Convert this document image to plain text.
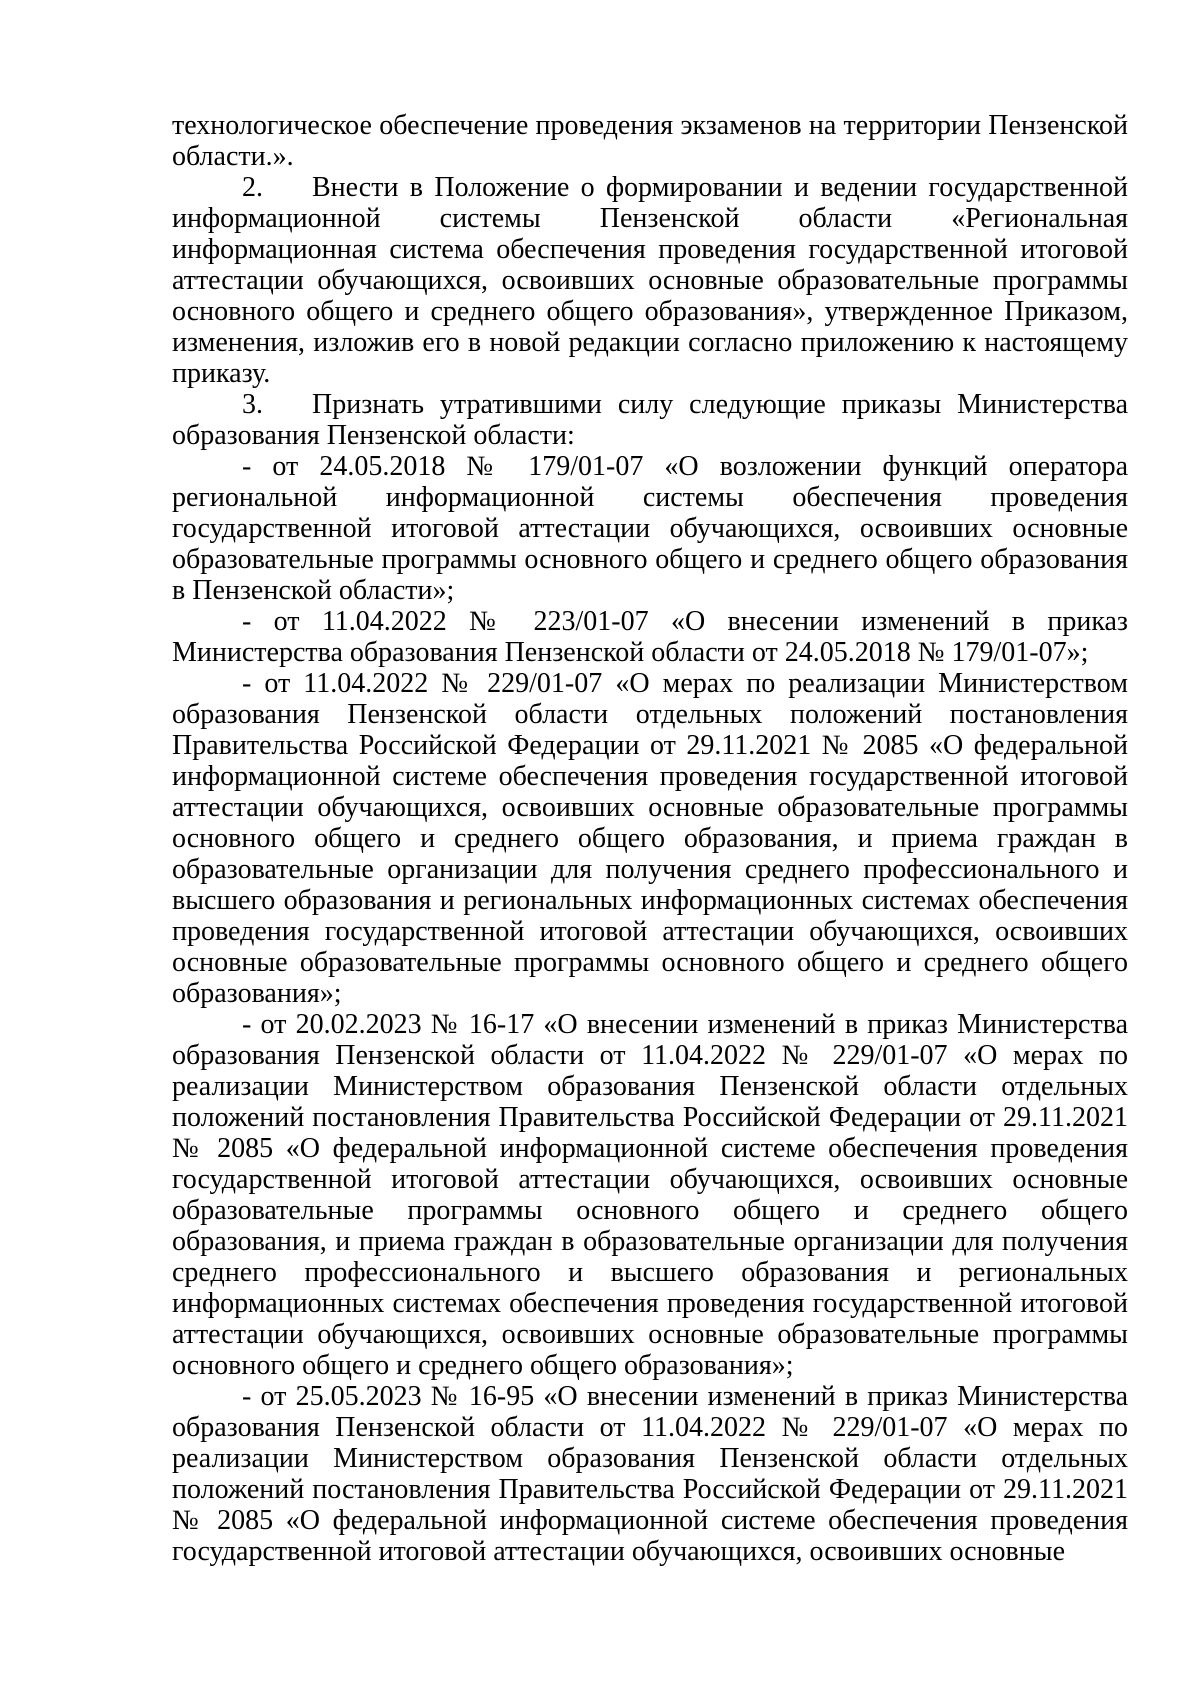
технологическое обеспечение проведения экзаменов на территории Пензенской области.».

2. Внести в Положение о формировании и ведении государственной информационной системы Пензенской области «Региональная информационная система обеспечения проведения государственной итоговой аттестации обучающихся, освоивших основные образовательные программы основного общего и среднего общего образования», утвержденное Приказом, изменения, изложив его в новой редакции согласно приложению к настоящему приказу.

3. Признать утратившими силу следующие приказы Министерства образования Пензенской области:

- от 24.05.2018 № 179/01-07 «О возложении функций оператора региональной информационной системы обеспечения проведения государственной итоговой аттестации обучающихся, освоивших основные образовательные программы основного общего и среднего общего образования в Пензенской области»;

- от 11.04.2022 № 223/01-07 «О внесении изменений в приказ Министерства образования Пензенской области от 24.05.2018 № 179/01-07»;

- от 11.04.2022 № 229/01-07 «О мерах по реализации Министерством образования Пензенской области отдельных положений постановления Правительства Российской Федерации от 29.11.2021 № 2085 «О федеральной информационной системе обеспечения проведения государственной итоговой аттестации обучающихся, освоивших основные образовательные программы основного общего и среднего общего образования, и приема граждан в образовательные организации для получения среднего профессионального и высшего образования и региональных информационных системах обеспечения проведения государственной итоговой аттестации обучающихся, освоивших основные образовательные программы основного общего и среднего общего образования»;

- от 20.02.2023 № 16-17 «О внесении изменений в приказ Министерства образования Пензенской области от 11.04.2022 № 229/01-07 «О мерах по реализации Министерством образования Пензенской области отдельных положений постановления Правительства Российской Федерации от 29.11.2021 № 2085 «О федеральной информационной системе обеспечения проведения государственной итоговой аттестации обучающихся, освоивших основные образовательные программы основного общего и среднего общего образования, и приема граждан в образовательные организации для получения среднего профессионального и высшего образования и региональных информационных системах обеспечения проведения государственной итоговой аттестации обучающихся, освоивших основные образовательные программы основного общего и среднего общего образования»;

- от 25.05.2023 № 16-95 «О внесении изменений в приказ Министерства образования Пензенской области от 11.04.2022 № 229/01-07 «О мерах по реализации Министерством образования Пензенской области отдельных положений постановления Правительства Российской Федерации от 29.11.2021 № 2085 «О федеральной информационной системе обеспечения проведения государственной итоговой аттестации обучающихся, освоивших основные
